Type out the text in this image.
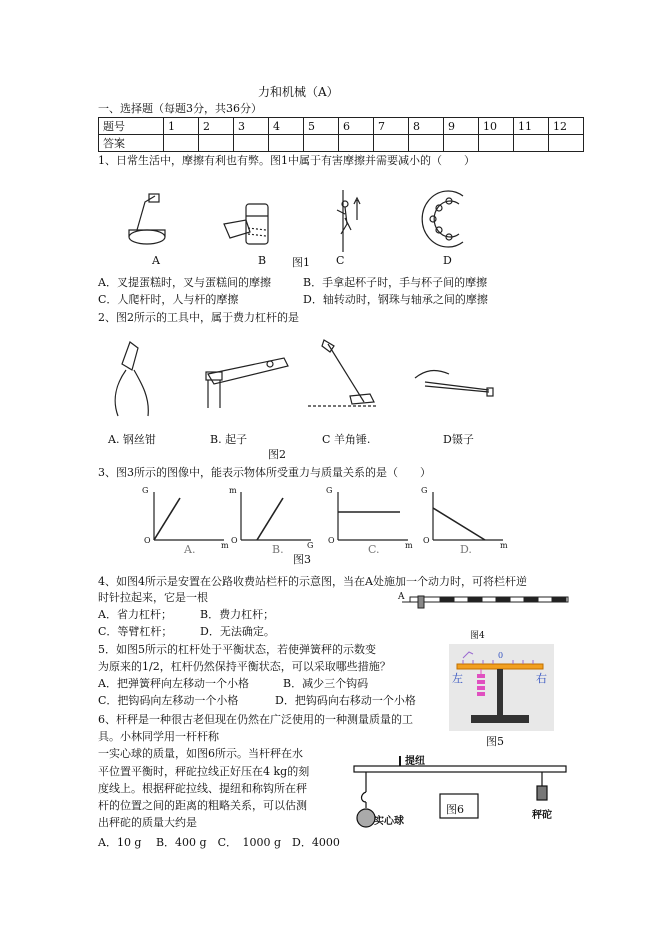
力和机械（A）
一、选择题（每题3分，共36分）
题号	1	2	3	4	5	6	7	8	9	10	11	12
答案												
1、日常生活中，摩擦有利也有弊。图1中属于有害摩擦并需要减小的（　　）
A	B 图1 C	D
A．叉提蛋糕时，叉与蛋糕间的摩擦	B．手拿起杯子时，手与杯子间的摩擦
C．人爬杆时，人与杆的摩擦	D．轴转动时，钢珠与轴承之间的摩擦
2、图2所示的工具中，属于费力杠杆的是
A. 钢丝钳	B. 起子	C 羊角锤.	D镊子
图2
3、图3所示的图像中，能表示物体所受重力与质量关系的是（　　）
G
O
m
A.
m
O
G
B.
G
O
m
C.
G
O
m
D.
图3
4、如图4所示是安置在公路收费站栏杆的示意图，当在A处施加一个动力时，可将栏杆逆
时针拉起来，它是一根
A．省力杠杆；	B．费力杠杆；
C．等臂杠杆；	D．无法确定。
A
图4
5．如图5所示的杠杆处于平衡状态，若使弹簧秤的示数变
为原来的1/2，杠杆仍然保持平衡状态，可以采取哪些措施？
A．把弹簧秤向左移动一个小格	B．减少三个钩码
C．把钩码向左移动一个小格	D．把钩码向右移动一个小格
0
左	右
图5
6、杆秤是一种很古老但现在仍然在广泛使用的一种测量质量的工
具。小林同学用一杆杆称
一实心球的质量，如图6所示。当杆秤在水
平位置平衡时，秤砣拉线正好压在4 kg的刻
度线上。根据秤砣拉线、提纽和称钩所在秤
杆的位置之间的距离的粗略关系，可以估测
出秤砣的质量大约是
A．10 g　 B．400 g　C．　1000 g　D．4000
提纽
实心球
秤砣
图6
